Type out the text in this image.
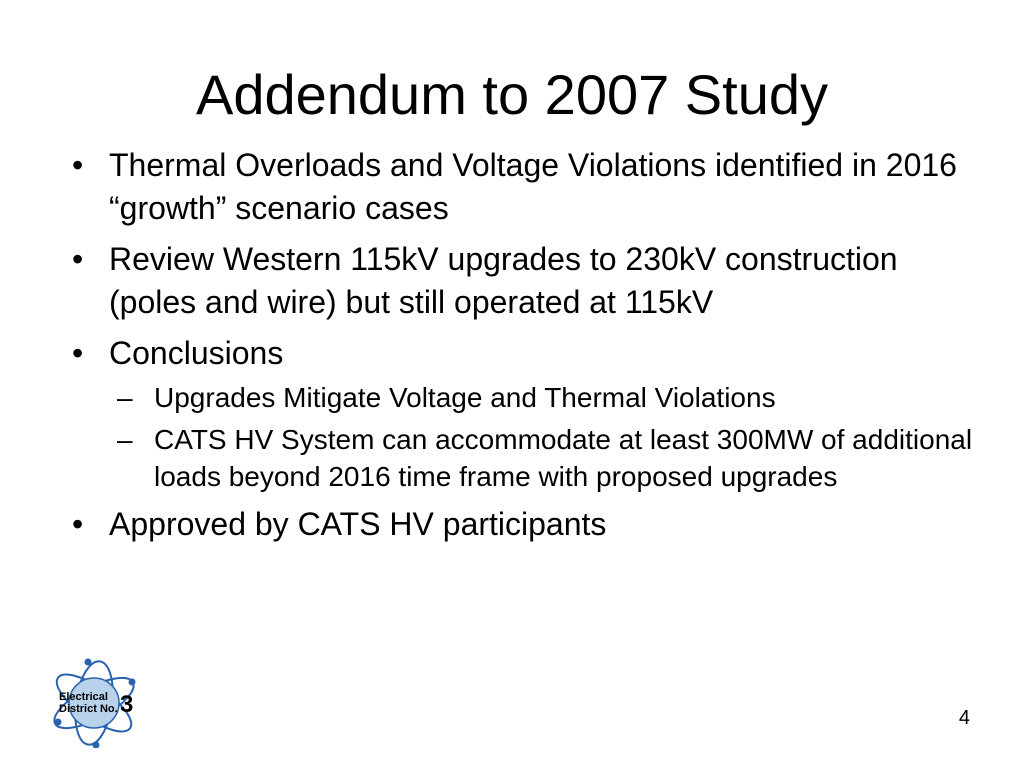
Addendum to 2007 Study
• Thermal Overloads and Voltage Violations identified in 2016 “growth” scenario cases
• Review Western 115kV upgrades to 230kV construction (poles and wire) but still operated at 115kV
• Conclusions
– Upgrades Mitigate Voltage and Thermal Violations
– CATS HV System can accommodate at least 300MW of additional loads beyond 2016 time frame with proposed upgrades
• Approved by CATS HV participants
Electrical
District No. 3	4
